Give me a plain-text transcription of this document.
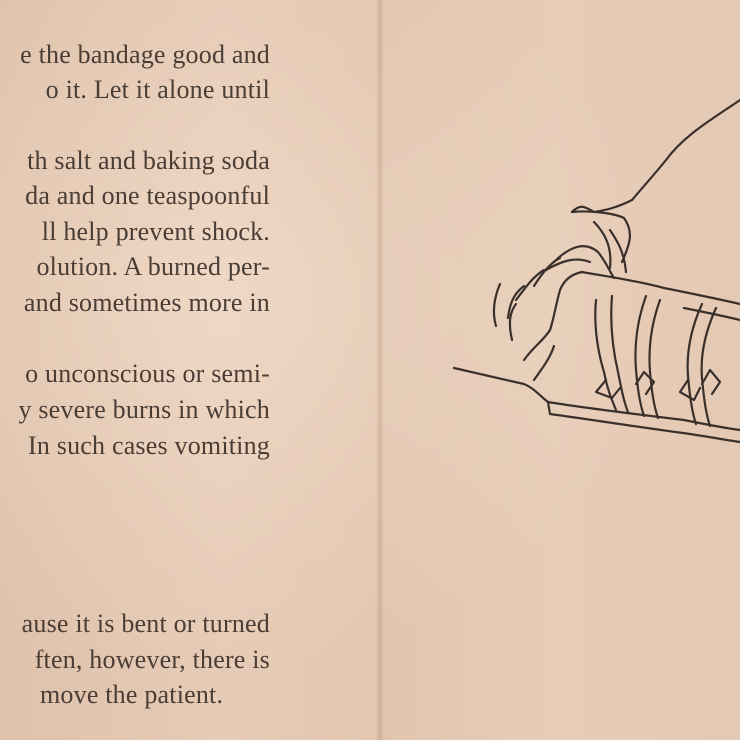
e the bandage good and
o it. Let it alone until
th salt and baking soda
da and one teaspoonful
ll help prevent shock.
olution. A burned per-
and sometimes more in
o unconscious or semi-
y severe burns in which
In such cases vomiting
ause it is bent or turned
ften, however, there is
move the patient.
